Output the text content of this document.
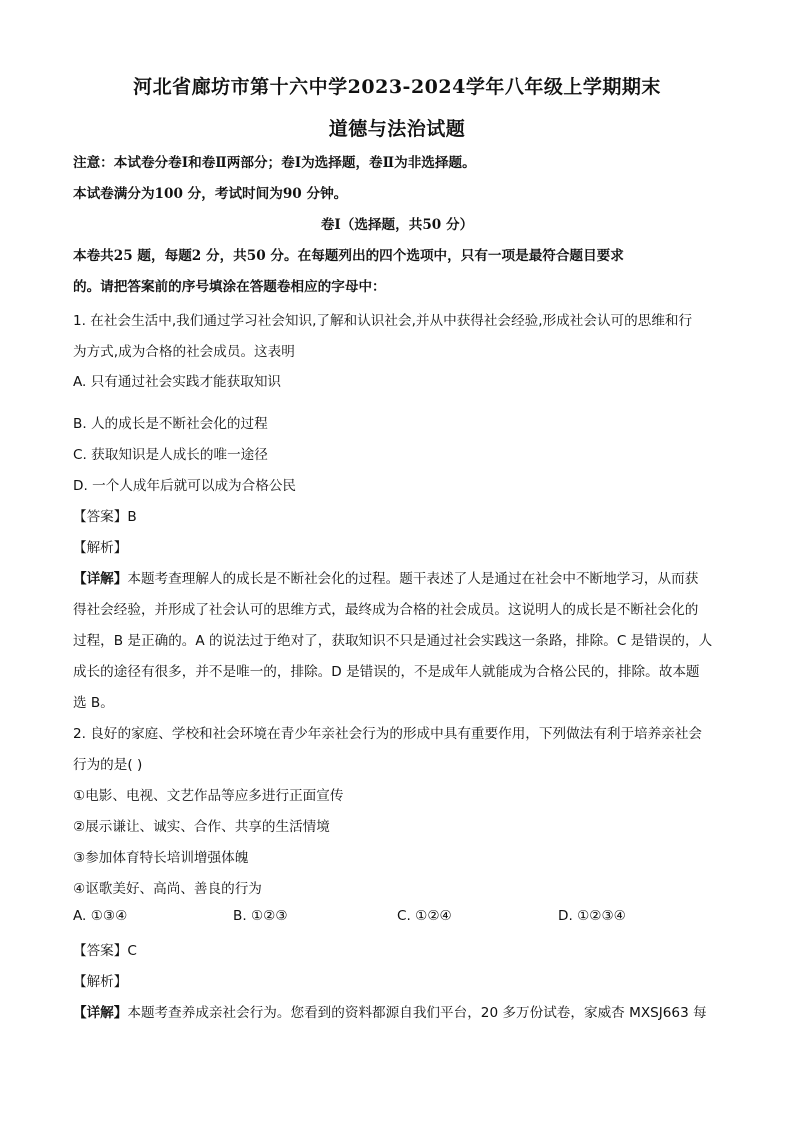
河北省廊坊市第十六中学2023-2024学年八年级上学期期末
道德与法治试题
注意：本试卷分卷Ⅰ和卷Ⅱ两部分；卷Ⅰ为选择题，卷Ⅱ为非选择题。
本试卷满分为100 分，考试时间为90 分钟。
卷Ⅰ（选择题，共50 分）
本卷共25 题，每题2 分，共50 分。在每题列出的四个选项中，只有一项是最符合题目要求
的。请把答案前的序号填涂在答题卷相应的字母中：
1. 在社会生活中,我们通过学习社会知识,了解和认识社会,并从中获得社会经验,形成社会认可的思维和行
为方式,成为合格的社会成员。这表明
A. 只有通过社会实践才能获取知识
B. 人的成长是不断社会化的过程
C. 获取知识是人成长的唯一途径
D. 一个人成年后就可以成为合格公民
【答案】B
【解析】
【详解】本题考查理解人的成长是不断社会化的过程。题干表述了人是通过在社会中不断地学习，从而获
得社会经验，并形成了社会认可的思维方式，最终成为合格的社会成员。这说明人的成长是不断社会化的
过程，B 是正确的。A 的说法过于绝对了，获取知识不只是通过社会实践这一条路，排除。C 是错误的，人
成长的途径有很多，并不是唯一的，排除。D 是错误的，不是成年人就能成为合格公民的，排除。故本题
选 B。
2. 良好的家庭、学校和社会环境在青少年亲社会行为的形成中具有重要作用，下列做法有利于培养亲社会
行为的是( )
①电影、电视、文艺作品等应多进行正面宣传
②展示谦让、诚实、合作、共享的生活情境
③参加体育特长培训增强体魄
④讴歌美好、高尚、善良的行为
A. ①③④	B. ①②③	C. ①②④	D. ①②③④
【答案】C
【解析】
【详解】本题考查养成亲社会行为。您看到的资料都源自我们平台，20 多万份试卷，家威杏 MXSJ663 每
